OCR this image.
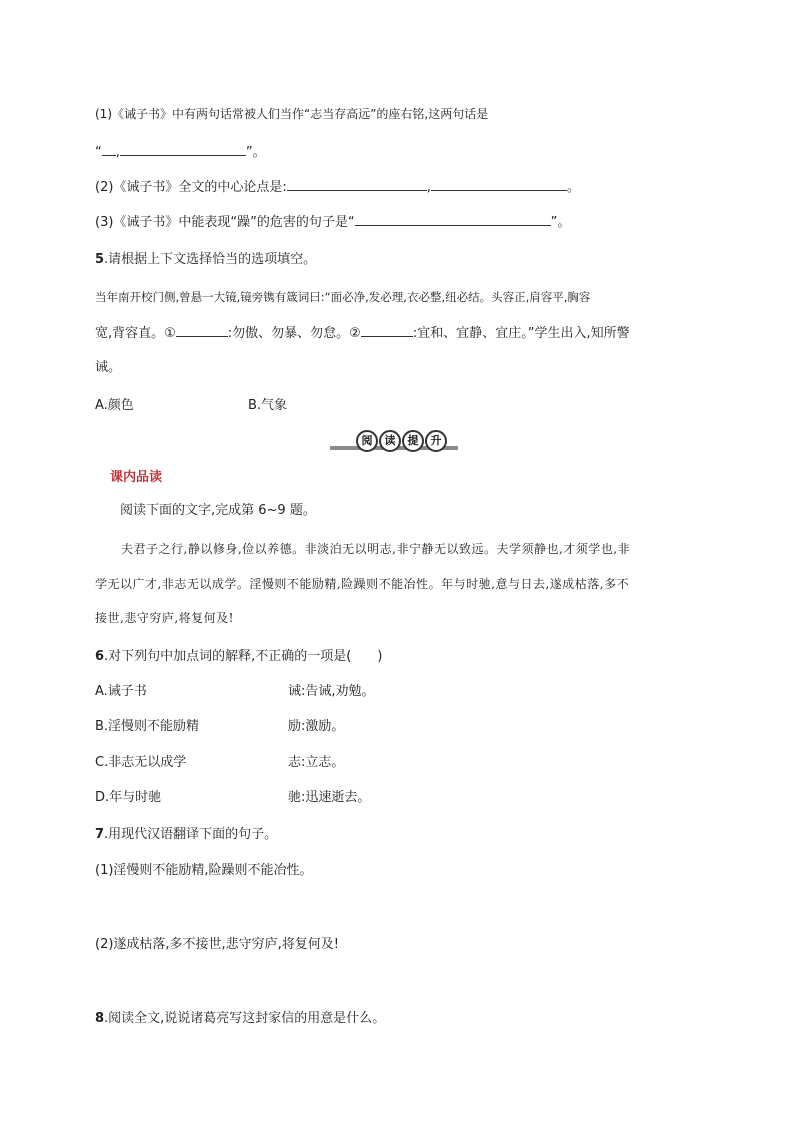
(1)《诫子书》中有两句话常被人们当作“志当存高远”的座右铭,这两句话是
“ ,	”。
(2)《诫子书》全文的中心论点是:	,	。
(3)《诫子书》中能表现“躁”的危害的句子是“	”。
5.请根据上下文选择恰当的选项填空。
当年南开校门侧,曾悬一大镜,镜旁镌有箴词曰:“面必净,发必理,衣必整,纽必结。头容正,肩容平,胸容
宽,背容直。①	:勿傲、勿暴、勿怠。②	:宜和、宜静、宜庄。”学生出入,知所警
诫。
A.颜色	B.气象
阅	读	提	升
课内品读
阅读下面的文字,完成第 6~9 题。
夫君子之行,静以修身,俭以养德。非淡泊无以明志,非宁静无以致远。夫学须静也,才须学也,非
学无以广才,非志无以成学。淫慢则不能励精,险躁则不能冶性。年与时驰,意与日去,遂成枯落,多不
接世,悲守穷庐,将复何及!
6.对下列句中加点词的解释,不正确的一项是(　　)
A.诫子书	诫:告诫,劝勉。
B.淫慢则不能励精	励:激励。
C.非志无以成学	志:立志。
D.年与时驰	驰:迅速逝去。
7.用现代汉语翻译下面的句子。
(1)淫慢则不能励精,险躁则不能冶性。
(2)遂成枯落,多不接世,悲守穷庐,将复何及!
8.阅读全文,说说诸葛亮写这封家信的用意是什么。
